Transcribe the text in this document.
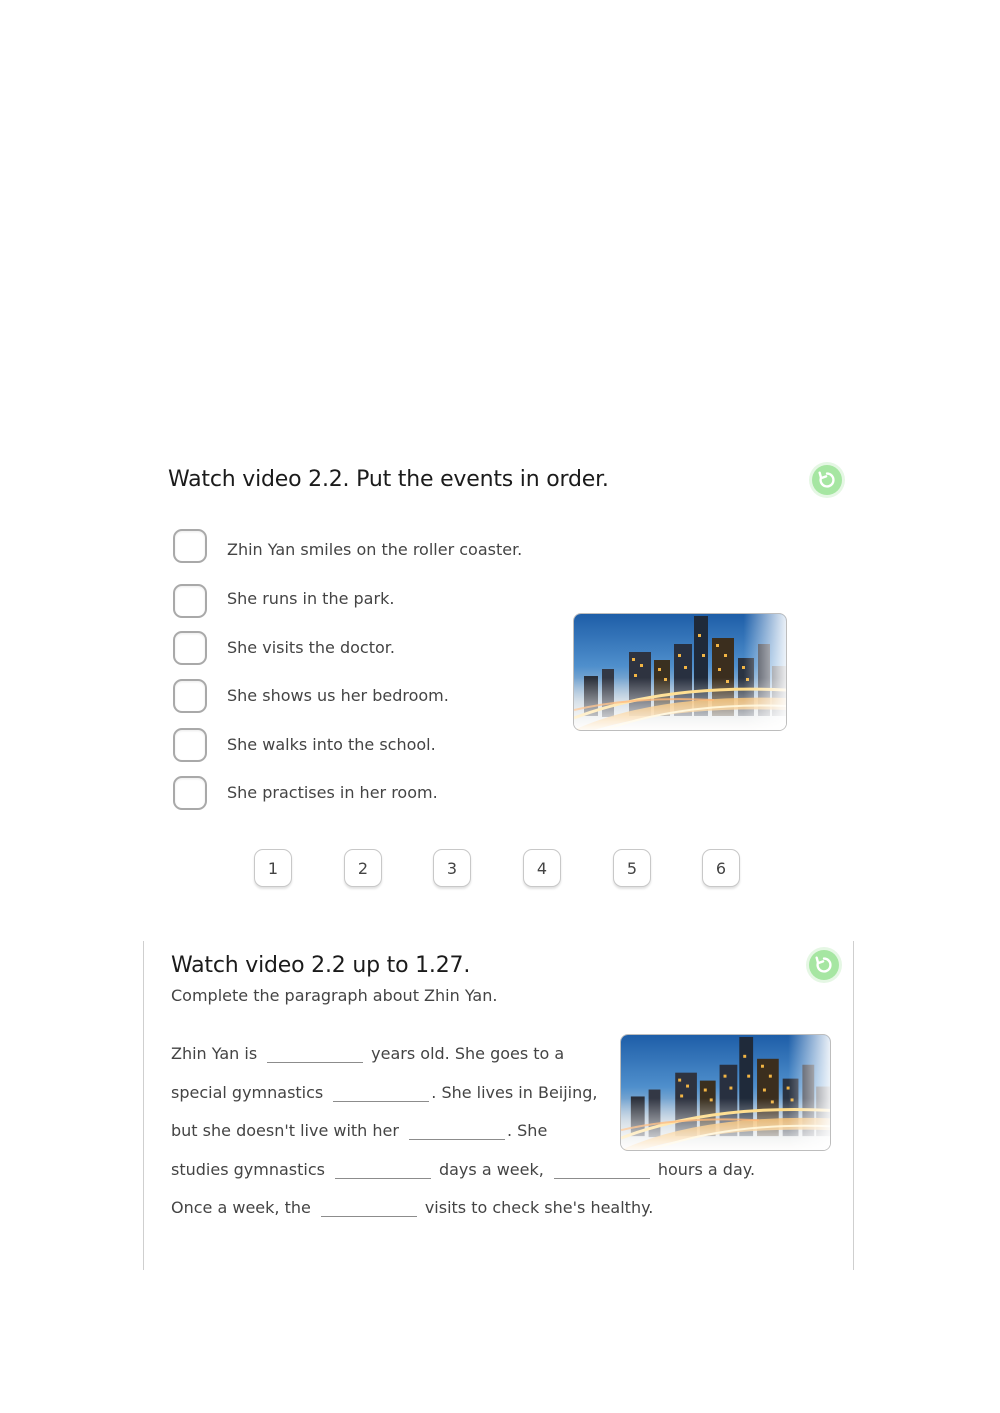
Watch video 2.2. Put the events in order.
Zhin Yan smiles on the roller coaster.
She runs in the park.
She visits the doctor.
She shows us her bedroom.
She walks into the school.
She practises in her room.
1	2	3	4	5	6
Watch video 2.2 up to 1.27.
Complete the paragraph about Zhin Yan.
Zhin Yan is	years old. She goes to a
special gymnastics	. She lives in Beijing,
but she doesn't live with her	. She
studies gymnastics	days a week,	hours a day.
Once a week, the	visits to check she's healthy.
